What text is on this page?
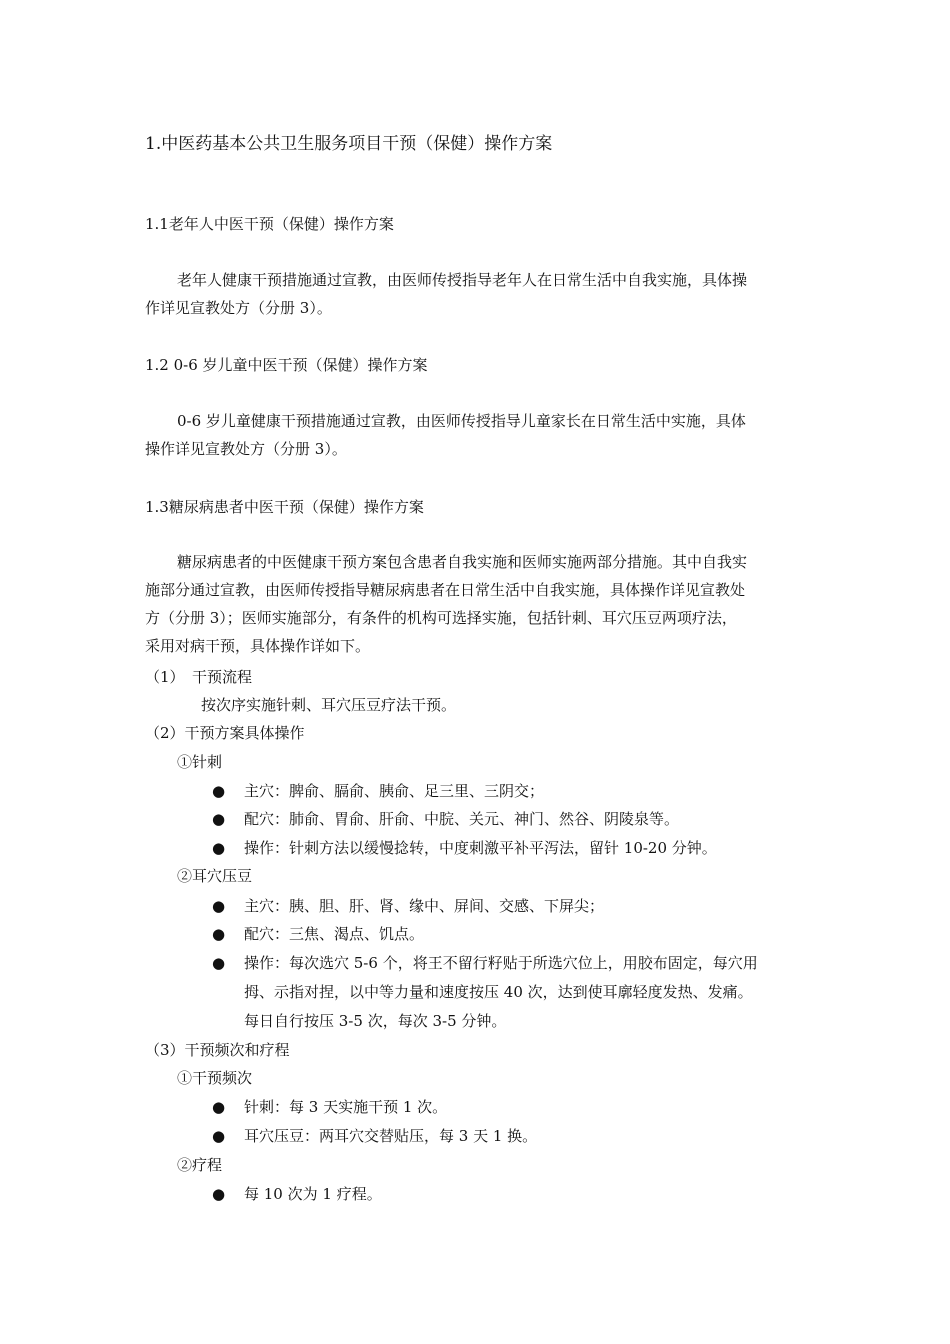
1.中医药基本公共卫生服务项目干预（保健）操作方案
1.1老年人中医干预（保健）操作方案
老年人健康干预措施通过宣教，由医师传授指导老年人在日常生活中自我实施，具体操
作详见宣教处方（分册 3）。
1.2 0-6 岁儿童中医干预（保健）操作方案
0-6 岁儿童健康干预措施通过宣教，由医师传授指导儿童家长在日常生活中实施，具体
操作详见宣教处方（分册 3）。
1.3糖尿病患者中医干预（保健）操作方案
糖尿病患者的中医健康干预方案包含患者自我实施和医师实施两部分措施。其中自我实
施部分通过宣教，由医师传授指导糖尿病患者在日常生活中自我实施，具体操作详见宣教处
方（分册 3）；医师实施部分，有条件的机构可选择实施，包括针刺、耳穴压豆两项疗法，
采用对病干预，具体操作详如下。
（1）　干预流程
按次序实施针刺、耳穴压豆疗法干预。
（2）干预方案具体操作
①针刺
● 主穴：脾俞、膈俞、胰俞、足三里、三阴交；
● 配穴：肺俞、胃俞、肝俞、中脘、关元、神门、然谷、阴陵泉等。
● 操作：针刺方法以缓慢捻转，中度刺激平补平泻法，留针 10-20 分钟。
②耳穴压豆
● 主穴：胰、胆、肝、肾、缘中、屏间、交感、下屏尖；
● 配穴：三焦、渴点、饥点。
● 操作：每次选穴 5-6 个，将王不留行籽贴于所选穴位上，用胶布固定，每穴用
拇、示指对捏，以中等力量和速度按压 40 次，达到使耳廓轻度发热、发痛。
每日自行按压 3-5 次，每次 3-5 分钟。
（3）干预频次和疗程
①干预频次
● 针刺：每 3 天实施干预 1 次。
● 耳穴压豆：两耳穴交替贴压，每 3 天 1 换。
②疗程
● 每 10 次为 1 疗程。
